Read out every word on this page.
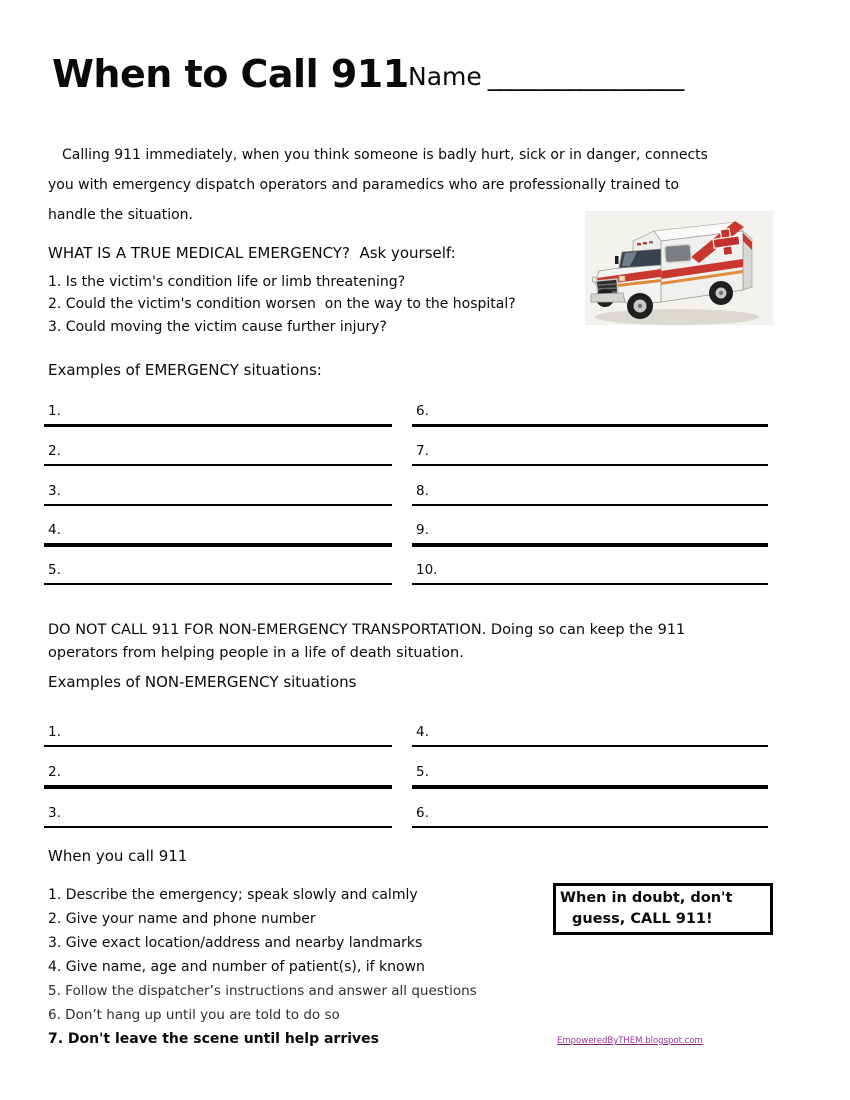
When to Call 911 Name _________________

Calling 911 immediately, when you think someone is badly hurt, sick or in danger, connects you with emergency dispatch operators and paramedics who are professionally trained to handle the situation.

WHAT IS A TRUE MEDICAL EMERGENCY?  Ask yourself:
1. Is the victim's condition life or limb threatening?
2. Could the victim's condition worsen  on the way to the hospital?
3. Could moving the victim cause further injury?
Examples of EMERGENCY situations:
1.
2.
3.
4.
5.
6.
7.
8.
9.
10.

DO NOT CALL 911 FOR NON-EMERGENCY TRANSPORTATION. Doing so can keep the 911 operators from helping people in a life of death situation.

Examples of NON-EMERGENCY situations
1.
2.
3.
4.
5.
6.
When you call 911
1. Describe the emergency; speak slowly and calmly
2. Give your name and phone number
3. Give exact location/address and nearby landmarks
4. Give name, age and number of patient(s), if known
5. Follow the dispatcher’s instructions and answer all questions
6. Don’t hang up until you are told to do so
7. Don't leave the scene until help arrives
When in doubt, don't
guess, CALL 911!
EmpoweredByTHEM.blogspot.com
